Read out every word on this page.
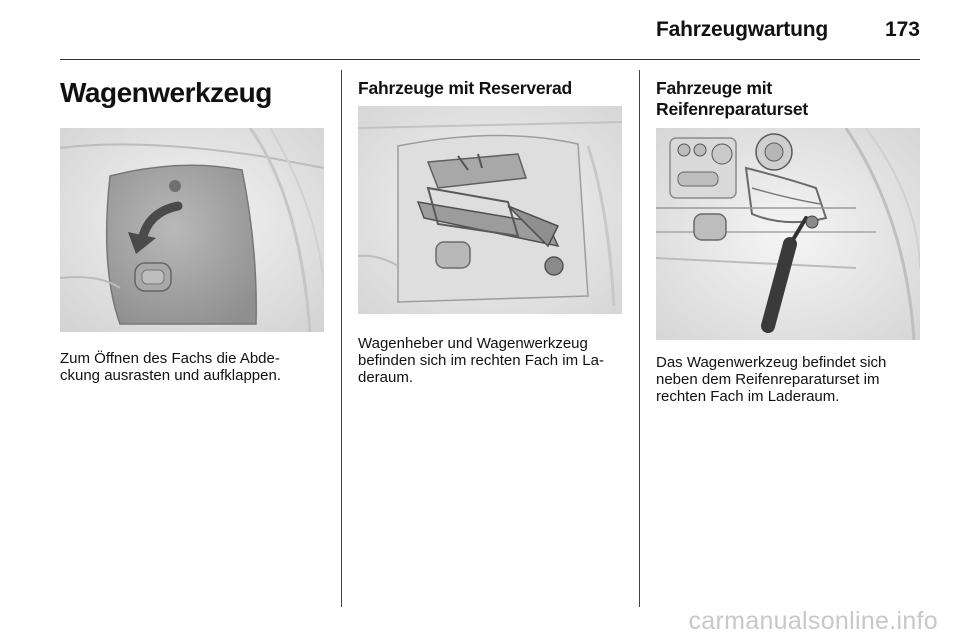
Fahrzeugwartung	173
Wagenwerkzeug
Zum Öffnen des Fachs die Abde-
ckung ausrasten und aufklappen.
Fahrzeuge mit Reserverad
Wagenheber und Wagenwerkzeug
befinden sich im rechten Fach im La-
deraum.
Fahrzeuge mit
Reifenreparaturset
Das Wagenwerkzeug befindet sich
neben dem Reifenreparaturset im
rechten Fach im Laderaum.
carmanualsonline.info
